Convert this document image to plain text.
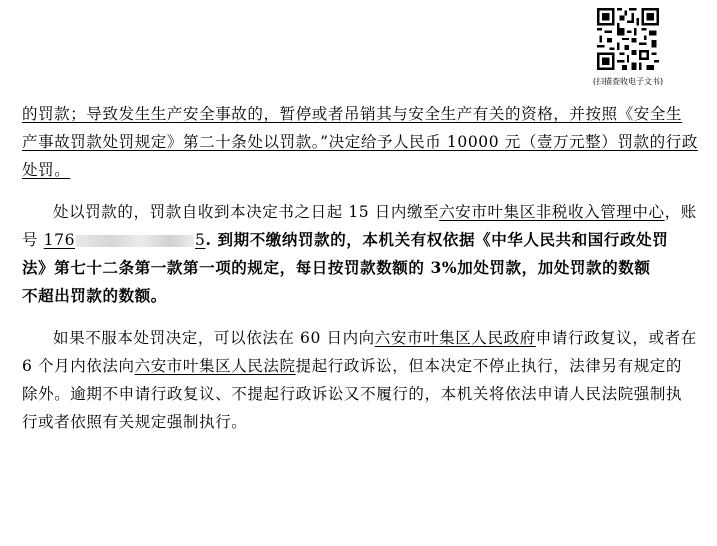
(扫描查收电子文书)
的罚款；导致发生生产安全事故的，暂停或者吊销其与安全生产有关的资格，并按照《安全生
产事故罚款处罚规定》第二十条处以罚款。”决定给予人民币 10000 元（壹万元整）罚款的行政
处罚。
处以罚款的，罚款自收到本决定书之日起 15 日内缴至六安市叶集区非税收入管理中心，账
号 176	5. 到期不缴纳罚款的，本机关有权依据《中华人民共和国行政处罚
法》第七十二条第一款第一项的规定，每日按罚款数额的 3%加处罚款，加处罚款的数额
不超出罚款的数额。
如果不服本处罚决定，可以依法在 60 日内向六安市叶集区人民政府申请行政复议，或者在
6 个月内依法向六安市叶集区人民法院提起行政诉讼，但本决定不停止执行，法律另有规定的
除外。逾期不申请行政复议、不提起行政诉讼又不履行的，本机关将依法申请人民法院强制执
行或者依照有关规定强制执行。
